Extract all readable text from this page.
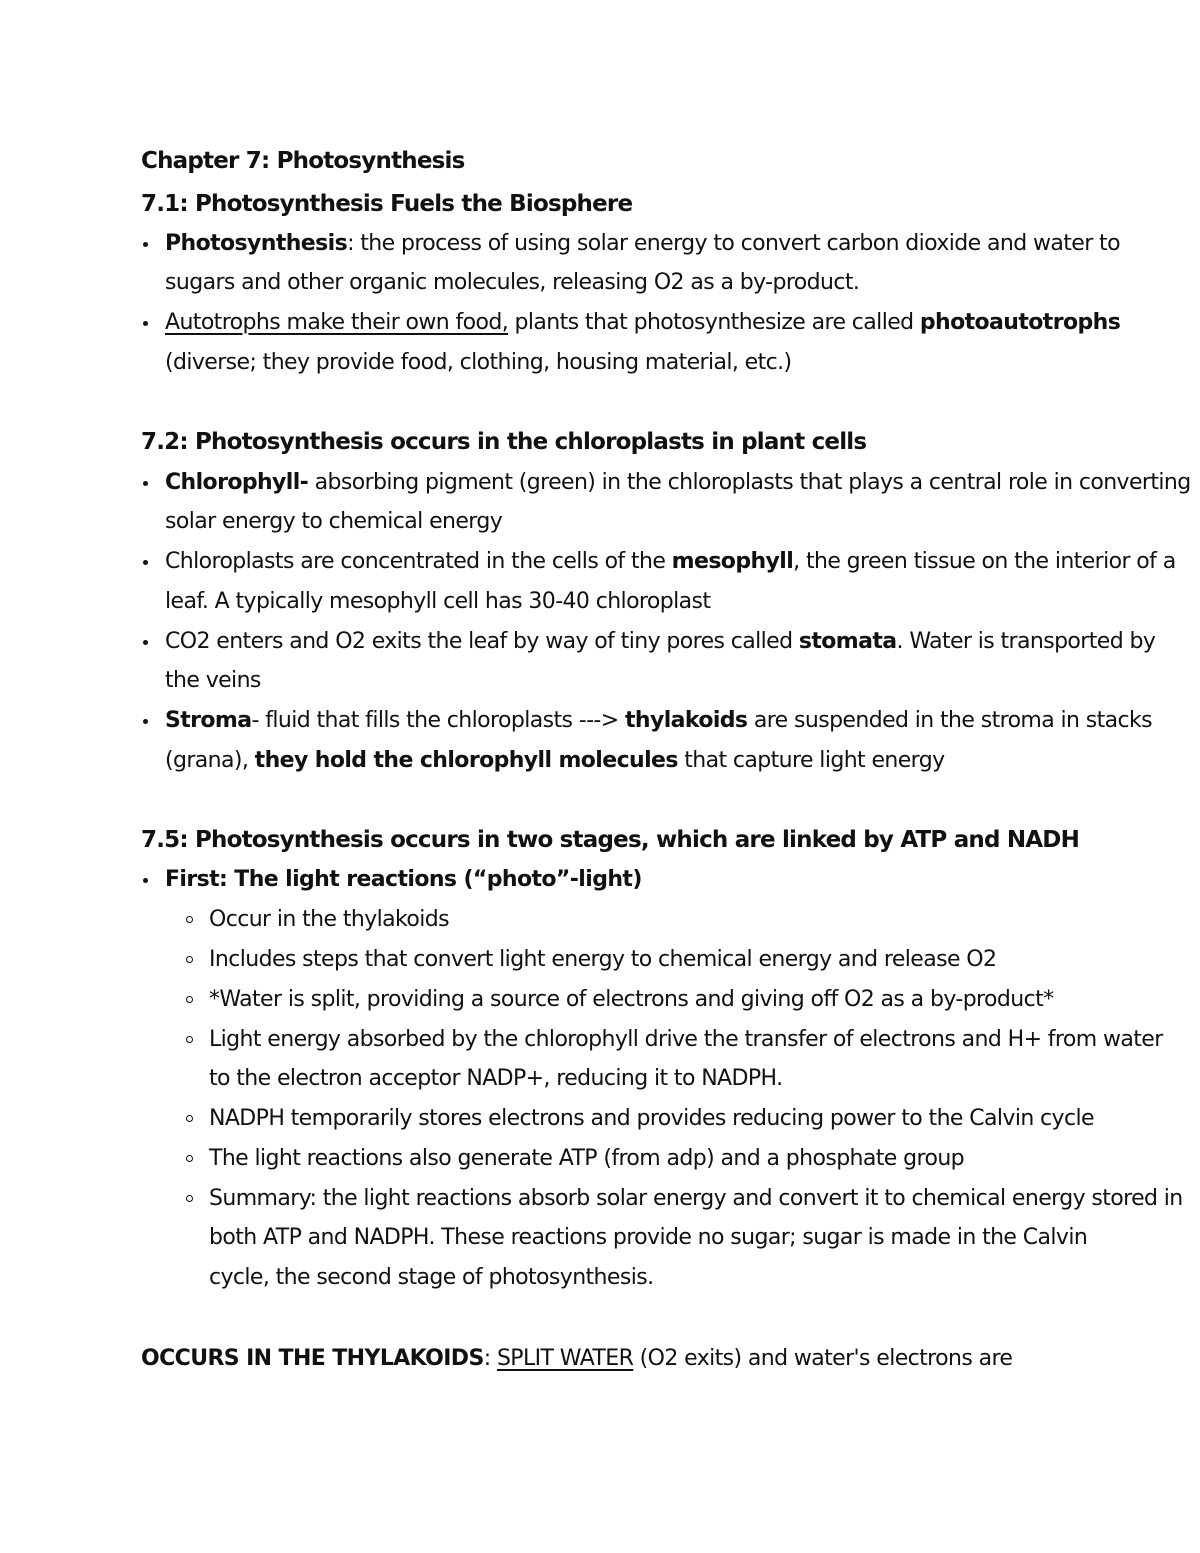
Chapter 7: Photosynthesis
7.1: Photosynthesis Fuels the Biosphere
Photosynthesis: the process of using solar energy to convert carbon dioxide and water to
sugars and other organic molecules, releasing O2 as a by-product.
Autotrophs make their own food, plants that photosynthesize are called photoautotrophs
(diverse; they provide food, clothing, housing material, etc.)
7.2: Photosynthesis occurs in the chloroplasts in plant cells
Chlorophyll- absorbing pigment (green) in the chloroplasts that plays a central role in converting
solar energy to chemical energy
Chloroplasts are concentrated in the cells of the mesophyll, the green tissue on the interior of a
leaf. A typically mesophyll cell has 30-40 chloroplast
CO2 enters and O2 exits the leaf by way of tiny pores called stomata. Water is transported by
the veins
Stroma- fluid that fills the chloroplasts ---> thylakoids are suspended in the stroma in stacks
(grana), they hold the chlorophyll molecules that capture light energy
7.5: Photosynthesis occurs in two stages, which are linked by ATP and NADH
First: The light reactions (“photo”-light)
Occur in the thylakoids
Includes steps that convert light energy to chemical energy and release O2
*Water is split, providing a source of electrons and giving off O2 as a by-product*
Light energy absorbed by the chlorophyll drive the transfer of electrons and H+ from water
to the electron acceptor NADP+, reducing it to NADPH.
NADPH temporarily stores electrons and provides reducing power to the Calvin cycle
The light reactions also generate ATP (from adp) and a phosphate group
Summary: the light reactions absorb solar energy and convert it to chemical energy stored in
both ATP and NADPH. These reactions provide no sugar; sugar is made in the Calvin
cycle, the second stage of photosynthesis.
OCCURS IN THE THYLAKOIDS: SPLIT WATER (O2 exits) and water's electrons are
